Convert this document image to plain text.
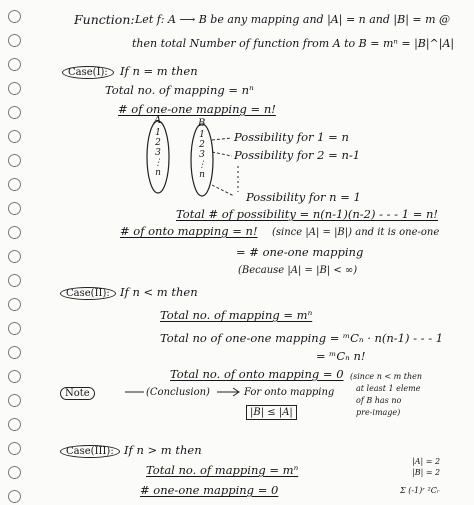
Function: Let f: A ⟶ B be any mapping and |A| = n and |B| = m @
then total Number of function from A to B = mⁿ = |B|^|A|
Case(I):	If n = m then
Total no. of mapping = nⁿ
# of one-one mapping = n!
A	B
1
2
3
⋮
n
1
2
3
⋮
n
Possibility for 1 = n
Possibility for 2 = n-1
Possibility for n = 1
Total # of possibility = n(n-1)(n-2) - - - 1 = n!
# of onto mapping = n! (since |A| = |B|) and it is one-one
= # one-one mapping
(Because |A| = |B| < ∞)
Case(II): If n < m then
Total no. of mapping = mⁿ
Total no of one-one mapping = ᵐCₙ · n(n-1) - - - 1
= ᵐCₙ n!
Total no. of onto mapping = 0 (since n < m then
at least 1 eleme
of B has no
pre-image)
Note	(Conclusion)	For onto mapping
|B| ≤ |A|
Case(III): If n > m then
Total no. of mapping = mⁿ
# one-one mapping = 0
|A| = 2
|B| = 2
Σ (-1)ʳ ²Cᵣ
